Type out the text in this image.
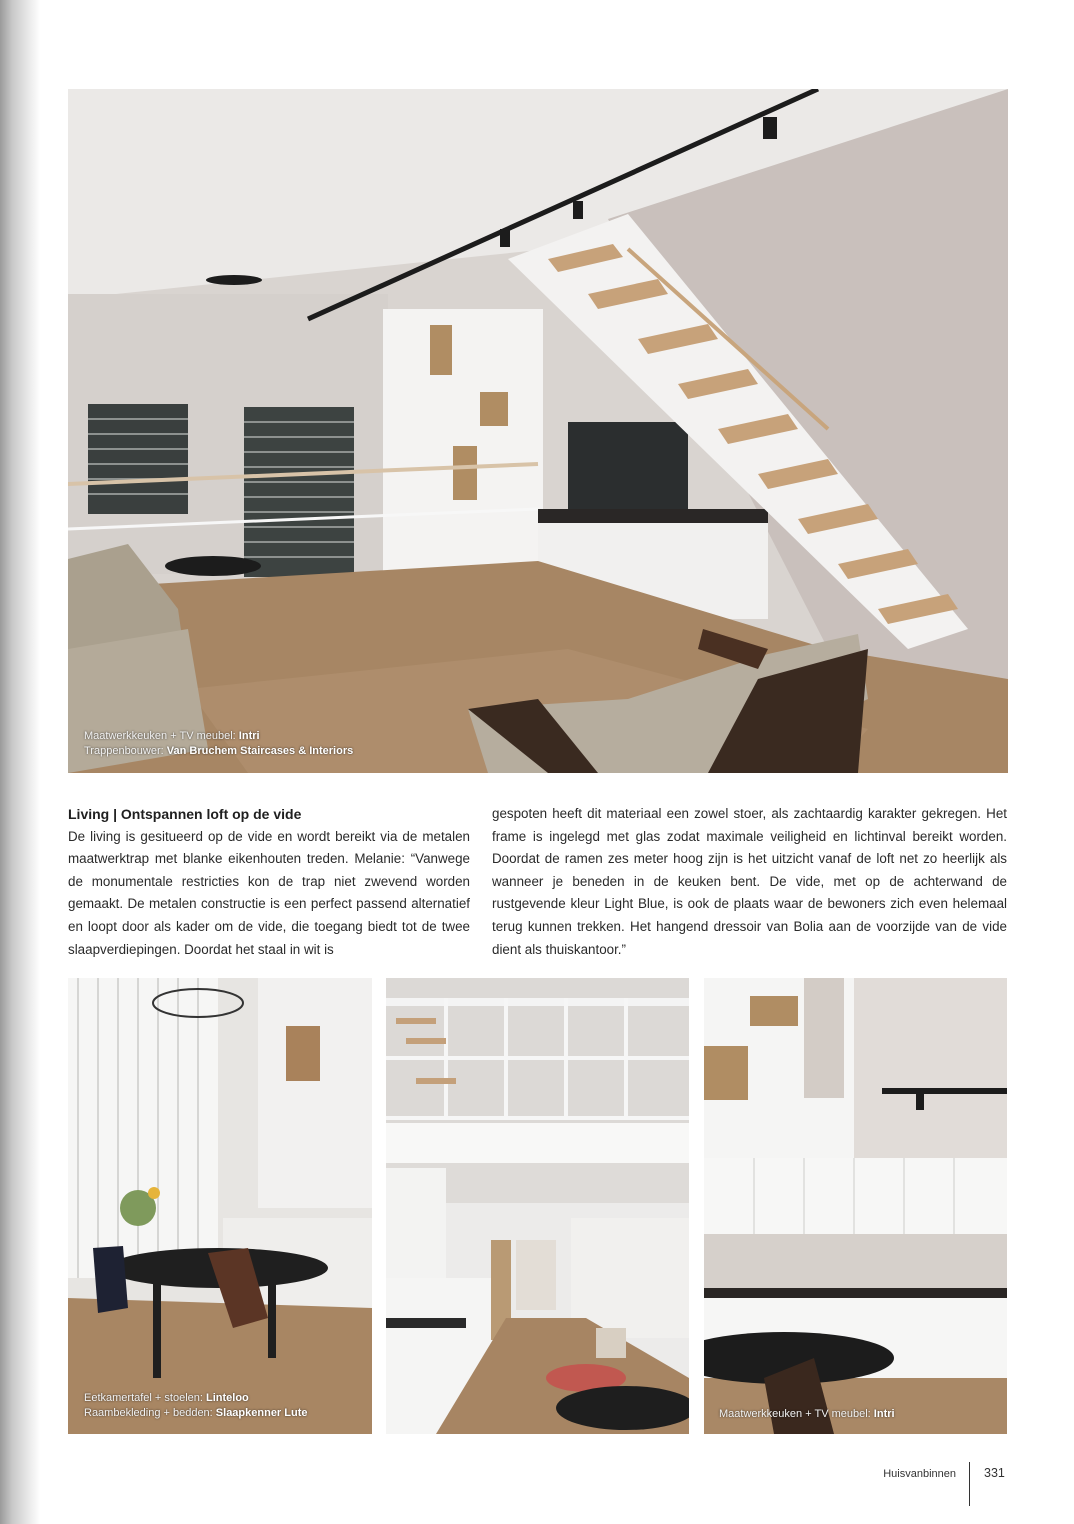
Maatwerkkeuken + TV meubel: Intri
Trappenbouwer: Van Bruchem Staircases & Interiors
Living | Ontspannen loft op de vide
De living is gesitueerd op de vide en wordt bereikt via de metalen maatwerktrap met blanke eikenhouten treden. Melanie: “Vanwege de monumentale restricties kon de trap niet zwevend worden gemaakt. De metalen constructie is een perfect passend alternatief en loopt door als kader om de vide, die toegang biedt tot de twee slaapverdiepingen. Doordat het staal in wit is
gespoten heeft dit materiaal een zowel stoer, als zachtaardig karakter gekregen. Het frame is ingelegd met glas zodat maximale veiligheid en lichtinval bereikt worden. Doordat de ramen zes meter hoog zijn is het uitzicht vanaf de loft net zo heerlijk als wanneer je beneden in de keuken bent. De vide, met op de achterwand de rustgevende kleur Light Blue, is ook de plaats waar de bewoners zich even helemaal terug kunnen trekken. Het hangend dressoir van Bolia aan de voorzijde van de vide dient als thuiskantoor.”
Eetkamertafel + stoelen: Linteloo
Raambekleding + bedden: Slaapkenner Lute	Maatwerkkeuken + TV meubel: Intri
Huisvanbinnen 331
